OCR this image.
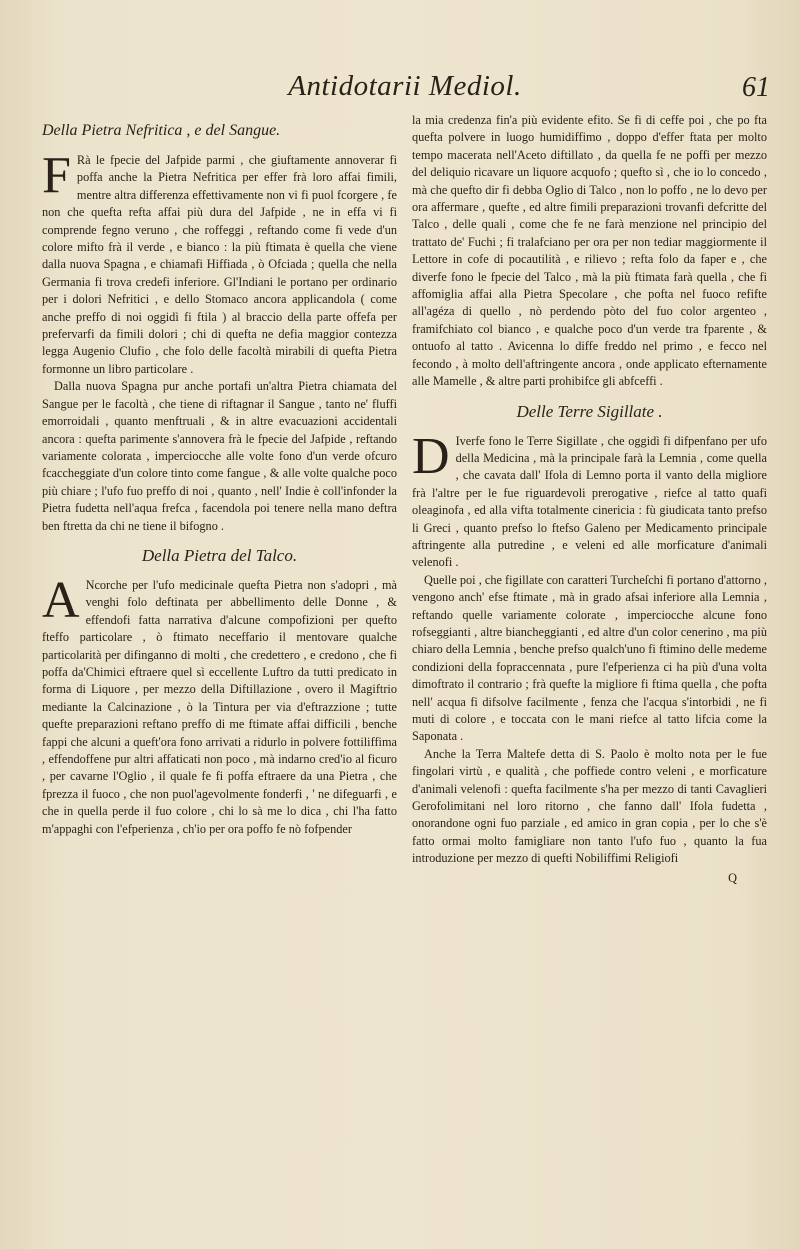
Antidotarii Mediol.	61
Della Pietra Nefritica , e del Sangue.

F Rà le fpecie del Jafpide parmi , che giuftamente annoverar fi poffa anche la Pietra Nefritica per effer frà loro affai fimili, mentre altra differenza effettivamente non vi fi puol fcorgere , fe non che quefta refta affai più dura del Jafpide , ne in effa vi fi comprende fegno veruno , che roffeggi , reftando come fi vede d'un colore mifto frà il verde , e bianco : la più ftimata è quella che viene dalla nuova Spagna , e chiamafi Hiffiada , ò Ofciada ; quella che nella Germania fi trova credefi inferiore. Gl'Indiani le portano per ordinario per i dolori Nefritici , e dello Stomaco ancora applicandola ( come anche preffo di noi oggidì fi ftila ) al braccio della parte offefa per prefervarfi da fimili dolori ; chi di quefta ne defia maggior contezza legga Augenio Clufio , che folo delle facoltà mirabili di quefta Pietra formonne un libro particolare .

Dalla nuova Spagna pur anche portafi un'altra Pietra chiamata del Sangue per le facoltà , che tiene di riftagnar il Sangue , tanto ne' fluffi emorroidali , quanto menftruali , & in altre evacuazioni accidentali ancora : quefta parimente s'annovera frà le fpecie del Jafpide , reftando variamente colorata , imperciocche alle volte fono d'un verde ofcuro fcaccheggiate d'un colore tinto come fangue , & alle volte qualche poco più chiare ; l'ufo fuo preffo di noi , quanto , nell' Indie è coll'infonder la Pietra fudetta nell'aqua frefca , facendola poi tenere nella mano deftra ben ftretta da chi ne tiene il bifogno .

Della Pietra del Talco.

A Ncorche per l'ufo medicinale quefta Pietra non s'adopri , mà venghi folo deftinata per abbellimento delle Donne , & effendofi fatta narrativa d'alcune compofizioni per quefto fteffo particolare , ò ftimato neceffario il mentovare qualche particolarità per difinganno di molti , che credettero , e credono , che fi poffa da'Chimici eftraere quel sì eccellente Luftro da tutti predicato in forma di Liquore , per mezzo della Diftillazione , overo il Magiftrio mediante la Calcinazione , ò la Tintura per via d'eftrazzione ; tutte quefte preparazioni reftano preffo di me ftimate affai difficili , benche fappi che alcuni a queft'ora fono arrivati a ridurlo in polvere fottiliffima , effendoffene pur altri affaticati non poco , mà indarno cred'io al ficuro , per cavarne l'Oglio , il quale fe fi poffa eftraere da una Pietra , che fprezza il fuoco , che non puol'agevolmente fonderfi , ' ne difeguarfi , e che in quella perde il fuo colore , chi lo sà me lo dica , chi l'ha fatto m'appaghi con l'efperienza , ch'io per ora poffo fe nò fofpender

la mia credenza fin'a più evidente efito. Se fi di ceffe poi , che po fta quefta polvere in luogo humidiffimo , doppo d'effer ftata per molto tempo macerata nell'Aceto diftillato , da quella fe ne poffi per mezzo del deliquio ricavare un liquore acquofo ; quefto sì , che io lo concedo , mà che quefto dir fi debba Oglio di Talco , non lo poffo , ne lo devo per ora affermare , quefte , ed altre fimili preparazioni trovanfi defcritte del Talco , delle quali , come che fe ne farà menzione nel principio del trattato de' Fuchi ; fi tralafciano per ora per non tediar maggiormente il Lettore in cofe di pocautilità , e rilievo ; refta folo da faper e , che diverfe fono le fpecie del Talco , mà la più ftimata farà quella , che fi affomiglia affai alla Pietra Specolare , che pofta nel fuoco refifte all'agéza di quello , nò perdendo pòto del fuo color argenteo , framifchiato col bianco , e qualche poco d'un verde tra fparente , & ontuofo al tatto . Avicenna lo diffe freddo nel primo , e fecco nel fecondo , à molto dell'aftringente ancora , onde applicato efternamente alle Mamelle , & altre parti prohibifce gli abfceffi .

Delle Terre Sigillate .

D Iverfe fono le Terre Sigillate , che oggidì fi difpenfano per ufo della Medicina , mà la principale farà la Lemnia , come quella , che cavata dall' Ifola di Lemno porta il vanto della migliore frà l'altre per le fue riguardevoli prerogative , riefce al tatto quafi oleaginofa , ed alla vifta totalmente cinericia : fù giudicata tanto prefso li Greci , quanto prefso lo ftefso Galeno per Medicamento principale aftringente alla putredine , e veleni ed alle morficature d'animali velenofi .

Quelle poi , che figillate con caratteri Turcheſchi fi portano d'attorno , vengono anch' efse ftimate , mà in grado afsai inferiore alla Lemnia , reftando quelle variamente colorate , imperciocche alcune fono rofseggianti , altre biancheggianti , ed altre d'un color cenerino , ma più chiaro della Lemnia , benche prefso qualch'uno fi ftimino delle medeme condizioni della fopraccennata , pure l'efperienza ci ha più d'una volta dimoftrato il contrario ; frà quefte la migliore fi ftima quella , che pofta nell' acqua fi difsolve facilmente , fenza che l'acqua s'intorbidi , ne fi muti di colore , e toccata con le mani riefce al tatto lifcia come la Saponata .

Anche la Terra Maltefe detta di S. Paolo è molto nota per le fue fingolari virtù , e qualità , che poffiede contro veleni , e morficature d'animali velenofi : quefta facilmente s'ha per mezzo di tanti Cavaglieri Gerofolimitani nel loro ritorno , che fanno dall' Ifola fudetta , onorandone ogni fuo parziale , ed amico in gran copia , per lo che s'è fatto ormai molto famigliare non tanto l'ufo fuo , quanto la fua introduzione per mezzo di quefti Nobiliffimi Religiofi

Q
